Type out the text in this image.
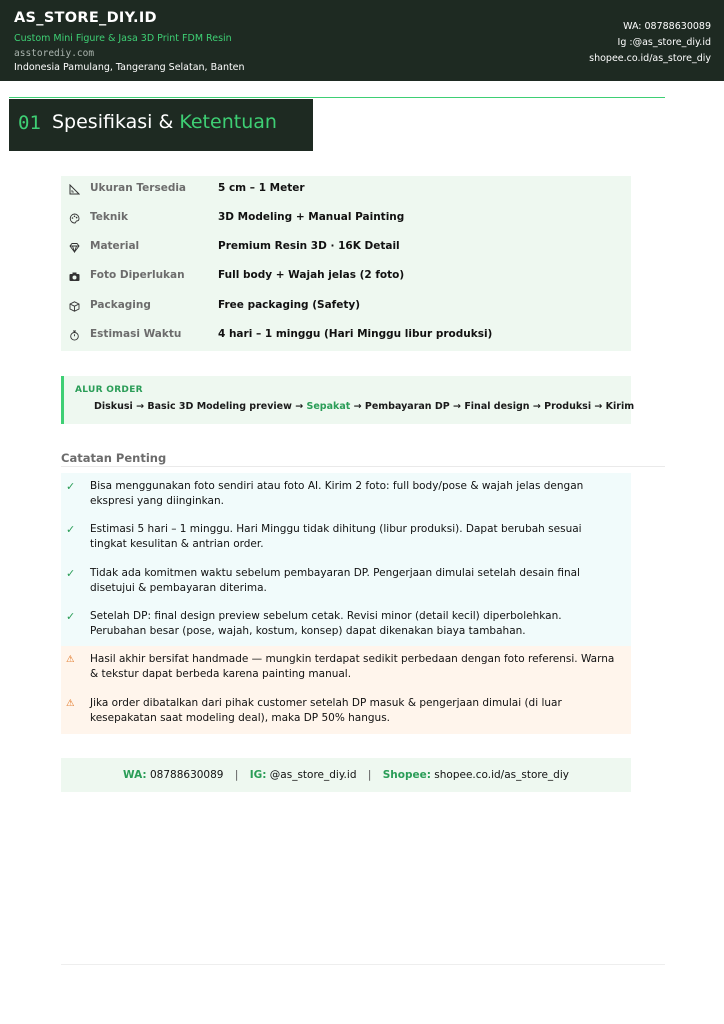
AS_STORE_DIY.ID
Custom Mini Figure & Jasa 3D Print FDM Resin
asstorediy.com
Indonesia Pamulang, Tangerang Selatan, Banten
WA: 08788630089
Ig :@as_store_diy.id
shopee.co.id/as_store_diy
01 Spesifikasi & Ketentuan
Ukuran Tersedia	5 cm – 1 Meter
Teknik	3D Modeling + Manual Painting
Material	Premium Resin 3D · 16K Detail
Foto Diperlukan	Full body + Wajah jelas (2 foto)
Packaging	Free packaging (Safety)
Estimasi Waktu	4 hari – 1 minggu (Hari Minggu libur produksi)
ALUR ORDER
Diskusi → Basic 3D Modeling preview → Sepakat → Pembayaran DP → Final design → Produksi → Kirim
Catatan Penting
✓ Bisa menggunakan foto sendiri atau foto AI. Kirim 2 foto: full body/pose & wajah jelas dengan ekspresi yang diinginkan.
✓ Estimasi 5 hari – 1 minggu. Hari Minggu tidak dihitung (libur produksi). Dapat berubah sesuai tingkat kesulitan & antrian order.
✓ Tidak ada komitmen waktu sebelum pembayaran DP. Pengerjaan dimulai setelah desain final disetujui & pembayaran diterima.
✓ Setelah DP: final design preview sebelum cetak. Revisi minor (detail kecil) diperbolehkan. Perubahan besar (pose, wajah, kostum, konsep) dapat dikenakan biaya tambahan.
⚠ Hasil akhir bersifat handmade — mungkin terdapat sedikit perbedaan dengan foto referensi. Warna & tekstur dapat berbeda karena painting manual.
⚠ Jika order dibatalkan dari pihak customer setelah DP masuk & pengerjaan dimulai (di luar kesepakatan saat modeling deal), maka DP 50% hangus.
WA: 08788630089 | IG: @as_store_diy.id | Shopee: shopee.co.id/as_store_diy
